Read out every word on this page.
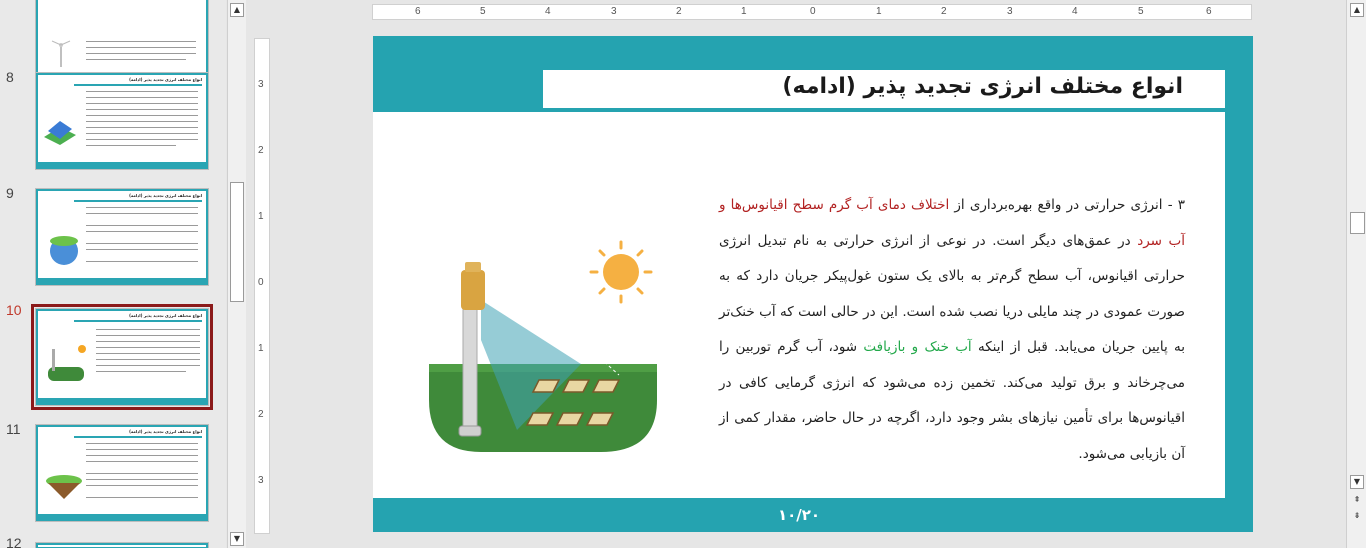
8	انواع مختلف انرژی تجدید پذیر (ادامه)
9	انواع مختلف انرژی تجدید پذیر (ادامه)
10	انواع مختلف انرژی تجدید پذیر (ادامه)
11	انواع مختلف انرژی تجدید پذیر (ادامه)
12
▲
▼
6	5	4	3	2	1	0	1	2	3	4	5	6
3
2
1
0
1
2
3
انواع مختلف انرژی تجدید پذیر (ادامه)
۳ - انرژی حرارتی در واقع بهره‌برداری از اختلاف دمای آب گرم سطح اقیانوس‌ها و آب سرد در عمق‌های دیگر است. در نوعی از انرژی حرارتی به نام تبدیل انرژی حرارتی اقیانوس، آب سطح گرم‌تر به بالای یک ستون غول‌پیکر جریان دارد که به صورت عمودی در چند مایلی دریا نصب شده است. این در حالی است که آب خنک‌تر به پایین جریان می‌یابد. قبل از اینکه آب خنک و بازیافت شود، آب گرم توربین را می‌چرخاند و برق تولید می‌کند. تخمین زده می‌شود که انرژی گرمایی کافی در اقیانوس‌ها برای تأمین نیازهای بشر وجود دارد، اگرچه در حال حاضر، مقدار کمی از آن بازیابی می‌شود.
۱۰/۲۰
▲
▼
⇞
⇟
